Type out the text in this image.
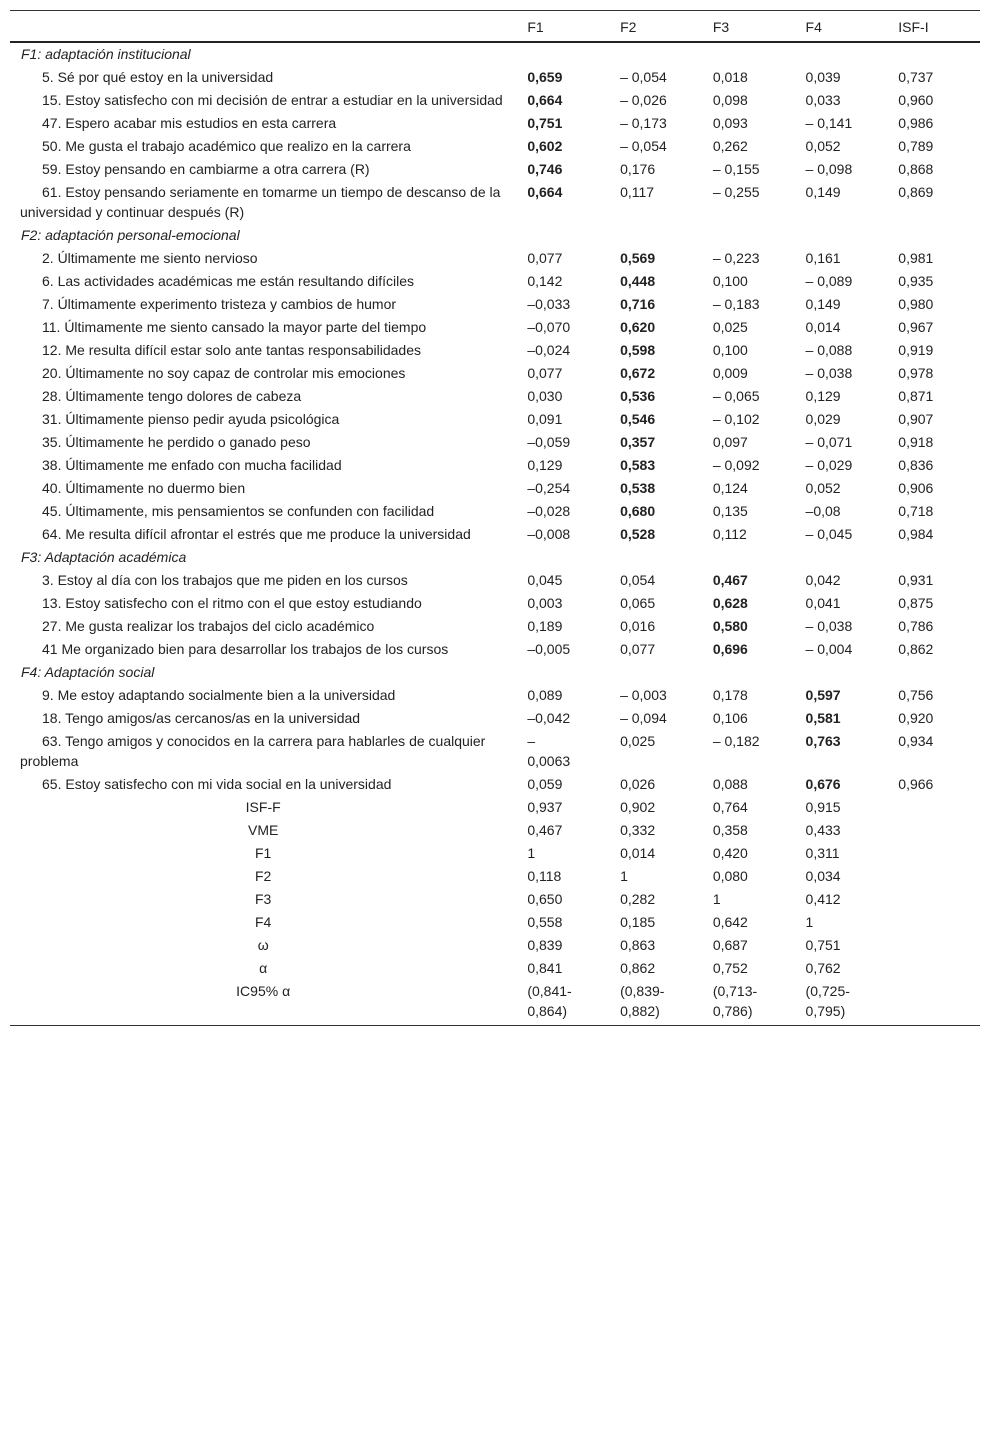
	F1	F2	F3	F4	ISF-I
F1: adaptación institucional					

5. Sé por qué estoy en la universidad	0,659	– 0,054	0,018	0,039	0,737

15. Estoy satisfecho con mi decisión de entrar a estudiar en la universidad	0,664	– 0,026	0,098	0,033	0,960

47. Espero acabar mis estudios en esta carrera	0,751	– 0,173	0,093	– 0,141	0,986

50. Me gusta el trabajo académico que realizo en la carrera	0,602	– 0,054	0,262	0,052	0,789

59. Estoy pensando en cambiarme a otra carrera (R)	0,746	0,176	– 0,155	– 0,098	0,868

61. Estoy pensando seriamente en tomarme un tiempo de descanso de la universidad y continuar después (R)	0,664	0,117	– 0,255	0,149	0,869
F2: adaptación personal-emocional					

2. Últimamente me siento nervioso	0,077	0,569	– 0,223	0,161	0,981

6. Las actividades académicas me están resultando difíciles	0,142	0,448	0,100	– 0,089	0,935

7. Últimamente experimento tristeza y cambios de humor	–0,033	0,716	– 0,183	0,149	0,980

11. Últimamente me siento cansado la mayor parte del tiempo	–0,070	0,620	0,025	0,014	0,967

12. Me resulta difícil estar solo ante tantas responsabilidades	–0,024	0,598	0,100	– 0,088	0,919

20. Últimamente no soy capaz de controlar mis emociones	0,077	0,672	0,009	– 0,038	0,978

28. Últimamente tengo dolores de cabeza	0,030	0,536	– 0,065	0,129	0,871

31. Últimamente pienso pedir ayuda psicológica	0,091	0,546	– 0,102	0,029	0,907

35. Últimamente he perdido o ganado peso	–0,059	0,357	0,097	– 0,071	0,918

38. Últimamente me enfado con mucha facilidad	0,129	0,583	– 0,092	– 0,029	0,836

40. Últimamente no duermo bien	–0,254	0,538	0,124	0,052	0,906

45. Últimamente, mis pensamientos se confunden con facilidad	–0,028	0,680	0,135	–0,08	0,718

64. Me resulta difícil afrontar el estrés que me produce la universidad	–0,008	0,528	0,112	– 0,045	0,984
F3: Adaptación académica					

3. Estoy al día con los trabajos que me piden en los cursos	0,045	0,054	0,467	0,042	0,931

13. Estoy satisfecho con el ritmo con el que estoy estudiando	0,003	0,065	0,628	0,041	0,875

27. Me gusta realizar los trabajos del ciclo académico	0,189	0,016	0,580	– 0,038	0,786

41 Me organizado bien para desarrollar los trabajos de los cursos	–0,005	0,077	0,696	– 0,004	0,862
F4: Adaptación social					

9. Me estoy adaptando socialmente bien a la universidad	0,089	– 0,003	0,178	0,597	0,756

18. Tengo amigos/as cercanos/as en la universidad	–0,042	– 0,094	0,106	0,581	0,920

63. Tengo amigos y conocidos en la carrera para hablarles de cualquier problema	– 0,0063	0,025	– 0,182	0,763	0,934

65. Estoy satisfecho con mi vida social en la universidad	0,059	0,026	0,088	0,676	0,966

ISF-F	0,937	0,902	0,764	0,915	

VME	0,467	0,332	0,358	0,433	

F1	1	0,014	0,420	0,311	

F2	0,118	1	0,080	0,034	

F3	0,650	0,282	1	0,412	

F4	0,558	0,185	0,642	1	

ω	0,839	0,863	0,687	0,751	

α	0,841	0,862	0,752	0,762	

IC95% α	(0,841-0,864)	(0,839-0,882)	(0,713-0,786)	(0,725-0,795)	
